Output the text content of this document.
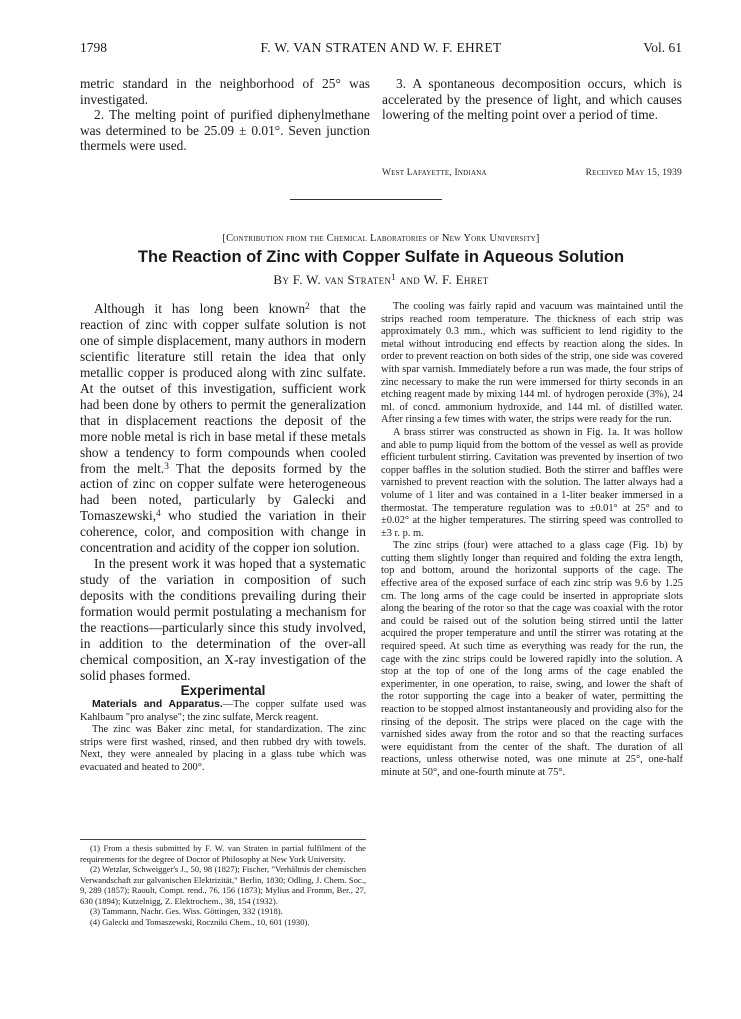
1798	F. W. VAN STRATEN AND W. F. EHRET	Vol. 61

metric standard in the neighborhood of 25° was investigated.

2. The melting point of purified diphenylmethane was determined to be 25.09 ± 0.01°. Seven junction thermels were used.

3. A spontaneous decomposition occurs, which is accelerated by the presence of light, and which causes lowering of the melting point over a period of time.

West Lafayette, Indiana	Received May 15, 1939
[Contribution from the Chemical Laboratories of New York University]
The Reaction of Zinc with Copper Sulfate in Aqueous Solution
By F. W. van Straten$^1$ and W. F. Ehret

Although it has long been known$^2$ that the reaction of zinc with copper sulfate solution is not one of simple displacement, many authors in modern scientific literature still retain the idea that only metallic copper is produced along with zinc sulfate. At the outset of this investigation, sufficient work had been done by others to permit the generalization that in displacement reactions the deposit of the more noble metal is rich in base metal if these metals show a tendency to form compounds when cooled from the melt.$^3$ That the deposits formed by the action of zinc on copper sulfate were heterogeneous had been noted, particularly by Galecki and Tomaszewski,$^4$ who studied the variation in their coherence, color, and composition with change in concentration and acidity of the copper ion solution.

In the present work it was hoped that a systematic study of the variation in composition of such deposits with the conditions prevailing during their formation would permit postulating a mechanism for the reactions—particularly since this study involved, in addition to the determination of the over-all chemical composition, an X-ray investigation of the solid phases formed.

Experimental

Materials and Apparatus.—The copper sulfate used was Kahlbaum "pro analyse"; the zinc sulfate, Merck reagent.

The zinc was Baker zinc metal, for standardization. The zinc strips were first washed, rinsed, and then rubbed dry with towels. Next, they were annealed by placing in a glass tube which was evacuated and heated to 200°.

(1) From a thesis submitted by F. W. van Straten in partial fulfilment of the requirements for the degree of Doctor of Philosophy at New York University.

(2) Wetzlar, Schweigger's J., 50, 98 (1827); Fischer, "Verhältnis der chemischen Verwandschaft zur galvanischen Elektrizität," Berlin, 1830; Odling, J. Chem. Soc., 9, 289 (1857); Raoult, Compt. rend., 76, 156 (1873); Mylius and Fromm, Ber., 27, 630 (1894); Kutzelnigg, Z. Elektrochem., 38, 154 (1932).

(3) Tammann, Nachr. Ges. Wiss. Göttingen, 332 (1918).

(4) Galecki and Tomaszewski, Roczniki Chem., 10, 601 (1930).

The cooling was fairly rapid and vacuum was maintained until the strips reached room temperature. The thickness of each strip was approximately 0.3 mm., which was sufficient to lend rigidity to the metal without introducing end effects by reaction along the sides. In order to prevent reaction on both sides of the strip, one side was covered with spar varnish. Immediately before a run was made, the four strips of zinc necessary to make the run were immersed for thirty seconds in an etching reagent made by mixing 144 ml. of hydrogen peroxide (3%), 24 ml. of concd. ammonium hydroxide, and 144 ml. of distilled water. After rinsing a few times with water, the strips were ready for the run.

A brass stirrer was constructed as shown in Fig. 1a. It was hollow and able to pump liquid from the bottom of the vessel as well as provide efficient turbulent stirring. Cavitation was prevented by insertion of two copper baffles in the solution studied. Both the stirrer and baffles were varnished to prevent reaction with the solution. The latter always had a volume of 1 liter and was contained in a 1-liter beaker immersed in a thermostat. The temperature regulation was to ±0.01° at 25° and to ±0.02° at the higher temperatures. The stirring speed was controlled to ±3 r. p. m.

The zinc strips (four) were attached to a glass cage (Fig. 1b) by cutting them slightly longer than required and folding the extra length, top and bottom, around the horizontal supports of the cage. The effective area of the exposed surface of each zinc strip was 9.6 by 1.25 cm. The long arms of the cage could be inserted in appropriate slots along the bearing of the rotor so that the cage was coaxial with the rotor and could be raised out of the solution being stirred until the latter acquired the proper temperature and until the stirrer was rotating at the required speed. At such time as everything was ready for the run, the cage with the zinc strips could be lowered rapidly into the solution. A stop at the top of one of the long arms of the cage enabled the experimenter, in one operation, to raise, swing, and lower the shaft of the rotor supporting the cage into a beaker of water, permitting the reaction to be stopped almost instantaneously and providing also for the rinsing of the deposit. The strips were placed on the cage with the varnished sides away from the rotor and so that the reacting surfaces were equidistant from the center of the shaft. The duration of all reactions, unless otherwise noted, was one minute at 25°, one-half minute at 50°, and one-fourth minute at 75°.
